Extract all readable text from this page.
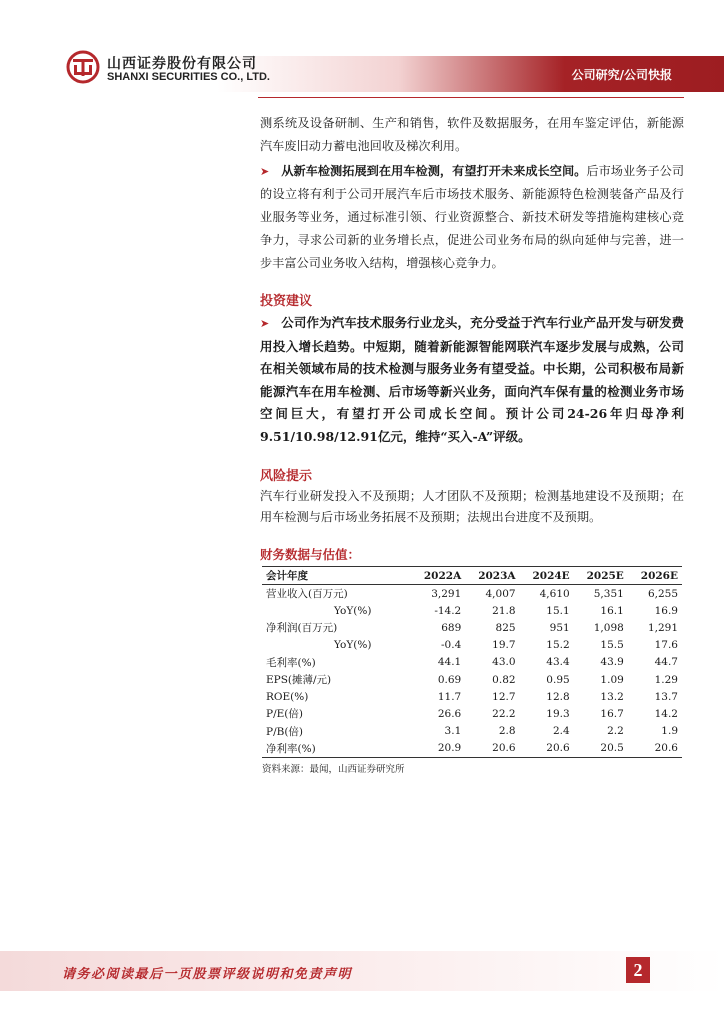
山西证券股份有限公司
SHANXI SECURITIES CO., LTD.	公司研究/公司快报

测系统及设备研制、生产和销售，软件及数据服务，在用车鉴定评估，新能源汽车废旧动力蓄电池回收及梯次利用。

➤ 从新车检测拓展到在用车检测，有望打开未来成长空间。后市场业务子公司的设立将有利于公司开展汽车后市场技术服务、新能源特色检测装备产品及行业服务等业务，通过标准引领、行业资源整合、新技术研发等措施构建核心竞争力，寻求公司新的业务增长点，促进公司业务布局的纵向延伸与完善，进一步丰富公司业务收入结构，增强核心竞争力。

投资建议

➤ 公司作为汽车技术服务行业龙头，充分受益于汽车行业产品开发与研发费用投入增长趋势。中短期，随着新能源智能网联汽车逐步发展与成熟，公司在相关领域布局的技术检测与服务业务有望受益。中长期，公司积极布局新能源汽车在用车检测、后市场等新兴业务，面向汽车保有量的检测业务市场空间巨大，有望打开公司成长空间。预计公司24-26年归母净利9.51/10.98/12.91亿元，维持“买入-A”评级。

风险提示

汽车行业研发投入不及预期；人才团队不及预期；检测基地建设不及预期；在用车检测与后市场业务拓展不及预期；法规出台进度不及预期。

财务数据与估值：
会计年度	2022A	2023A	2024E	2025E	2026E
营业收入(百万元)	3,291	4,007	4,610	5,351	6,255
YoY(%)	-14.2	21.8	15.1	16.1	16.9
净利润(百万元)	689	825	951	1,098	1,291
YoY(%)	-0.4	19.7	15.2	15.5	17.6
毛利率(%)	44.1	43.0	43.4	43.9	44.7
EPS(摊薄/元)	0.69	0.82	0.95	1.09	1.29
ROE(%)	11.7	12.7	12.8	13.2	13.7
P/E(倍)	26.6	22.2	19.3	16.7	14.2
P/B(倍)	3.1	2.8	2.4	2.2	1.9
净利率(%)	20.9	20.6	20.6	20.5	20.6
资料来源：最闻，山西证券研究所
请务必阅读最后一页股票评级说明和免责声明	2
